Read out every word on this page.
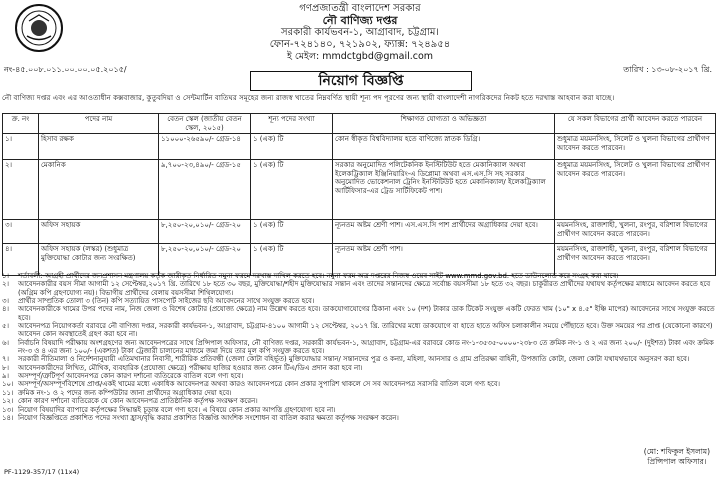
গণপ্রজাতন্ত্রী বাংলাদেশ সরকার
নৌ বাণিজ্য দপ্তর
সরকারী কার্যভবন-১, আগ্রাবাদ, চট্টগ্রাম।
ফোন-৭২৪১৪০, ৭২১৯০২, ফ্যাক্স: ৭২৪৯৫৪
ই মেইল: mmdctgbd@gmail.com
নং-৪৫.০০৮.০১১.০০.০০.০৫.২০১৫/	তারিখ : ১৩-০৮-২০১৭ খ্রি.
নিয়োগ বিজ্ঞপ্তি
নৌ বাণিজ্য দপ্তর এবং এর আওতাধীন কক্সবাজার, কুতুবদিয়া ও সেন্টমার্টিন বাতিঘর সমূহের জন্য রাজস্ব খাতের নিম্নবর্ণিত স্থায়ী শূন্য পদ পূরণের জন্য স্থায়ী বাংলাদেশী নাগরিকদের নিকট হতে দরখাস্ত আহবান করা যাচ্ছে।
ক্র. নং	পদের নাম	বেতন স্কেল (জাতীয় বেতন স্কেল, ২০১৫)	শূন্য পদের সংখ্যা	শিক্ষাগত যোগ্যতা ও অভিজ্ঞতা	যে সকল বিভাগের প্রার্থী আবেদন করতে পারবেন
১।	হিসাব রক্ষক	১১০০০-২৬৫৯০/- গ্রেড-১৪	১ (এক) টি	কোন স্বীকৃত বিশ্ববিদ্যালয় হতে বাণিজ্যে স্নাতক ডিগ্রি।	শুধুমাত্র ময়মনসিংহ, সিলেট ও খুলনা বিভাগের প্রার্থীগণ আবেদন করতে পারবেন।
২।	মেকানিক	৯,৭০০-২৩,৪৯০/- গ্রেড-১৫	১ (এক) টি	সরকার অনুমোদিত পলিটেকনিক ইনস্টিটিউট হতে মেকানিক্যাল অথবা ইলেকট্রিক্যাল ইঞ্জিনিয়ারিং-এ ডিপ্লোমা অথবা এস.এস.সি সহ সরকার অনুমোদিত ভোকেশনাল ট্রেনিং ইনস্টিটিউট হতে মেকানিক্যাল/ ইলেকট্রিক্যাল আর্টিফিসার-এর ট্রেড সার্টিফিকেট পাশ।	শুধুমাত্র ময়মনসিংহ, সিলেট ও খুলনা বিভাগের প্রার্থীগণ আবেদন করতে পারবেন।
৩।	অফিস সহায়ক	৮,২৫০-২০,০১০/- গ্রেড-২০	১ (এক) টি	ন্যূনতম অষ্টম শ্রেণী পাশ। এস.এস.সি পাশ প্রার্থীদের অগ্রাধিকার দেয়া হবে।	ময়মনসিংহ, রাজশাহী, খুলনা, রংপুর, বরিশাল বিভাগের প্রার্থীগণ আবেদন করতে পারবেন।
৪।	অফিস সহায়ক (লস্কর) (শুধুমাত্র মুক্তিযোদ্ধা কোটার জন্য সংরক্ষিত)	৮,২৫০-২০,০১০/- গ্রেড-২০	১ (এক) টি	ন্যূনতম অষ্টম শ্রেণী পাশ।	ময়মনসিংহ, রাজশাহী, খুলনা, রংপুর, বরিশাল বিভাগের প্রার্থীগণ আবেদন করতে পারবেন।
১।	শর্তাবলী:-আগ্রহী প্রার্থীদের জনপ্রশাসন মন্ত্রণালয় কর্তৃক জারীকৃত নির্ধারিত নমুনা ফরমে দরখাস্ত দাখিল করতে হবে। নমুনা ফরম অত্র দপ্তরের নিজস্ব ওয়েব সাইট www.mmd.gov.bd. হতে ডাউনলোড করে সংগ্রহ করা যাবে।
২।	আবেদনকারীর বয়স সীমা আগামী ১২ সেপ্টেম্বর,২০১৭ খ্রি. তারিখে ১৮ হতে ৩০ বছর, মুক্তিযোদ্ধা/শহীদ মুক্তিযোদ্ধার সন্তান এবং তাদের সন্তানদের ক্ষেত্রে সর্বোচ্চ বয়সসীমা ১৮ হতে ৩২ বছর। চাকুরীরত প্রার্থীদের যথাযথ কর্তৃপক্ষের মাধ্যমে আবেদন করতে হবে (অগ্রিম কপি গ্রহণযোগ্য নয়)। বিভাগীয় প্রার্থীদের বেলায় বয়সসীমা শিথিলযোগ্য।
৩।	প্রার্থীর সাম্প্রতিক তোলা ৩ (তিন) কপি সত্যায়িত পাসপোর্ট সাইজের ছবি আবেদনের সাথে সংযুক্ত করতে হবে।
৪।	আবেদনকারীকে খামের উপর পদের নাম, নিজ জেলা ও বিশেষ কোটার (প্রযোজ্য ক্ষেত্রে) নাম উল্লেখ করতে হবে। ডাকযোগাযোগের ঠিকানা এবং ১০ (দশ) টাকার ডাক টিকেট সংযুক্ত একটি ফেরত খাম (১০" x ৪.৫" ইঞ্চি মাপের) আবেদনের সাথে সংযুক্ত করতে হবে।
৫।	আবেদনপত্র নিয়োগকর্তা বরাবরে নৌ বাণিজ্য দপ্তর, সরকারী কার্যভবন-১, আগ্রাবাদ, চট্টগ্রাম-৪১০০ আগামী ১২ সেপ্টেম্বর, ২০১৭ খ্রি. তারিখের মধ্যে ডাকযোগে বা হাতে হাতে অফিস চলাকালীন সময়ে পৌঁছাতে হবে। উক্ত সময়ের পর প্রাপ্ত (যেকোনো কারণে) আবেদন কোন অবস্থাতেই গ্রহণ করা হবে না।
৬।	নির্বাচনি বিষয়াদি পরীক্ষায় অংশগ্রহণের জন্য আবেদনপত্রের সাথে প্রিন্সিপাল অফিসার, নৌ বাণিজ্য দপ্তর, সরকারী কার্যভবন-১, আগ্রাবাদ, চট্টগ্রাম-এর বরাবরে কোড নং-১-৩৫৩৫-০০০০-২৩৮৩ তে ক্রমিক নং-১ ও ২ এর জন্য ২০০/- (দুইশত) টাকা এবং ক্রমিক নং-৩ ও ৪ এর জন্য ১০০/- (একশত) টাকা ট্রেজারী চালানের মাধ্যমে জমা দিয়ে তার মূল কপি সংযুক্ত করতে হবে।
৭।	সরকারী নীতিমালা ও নির্দেশনানুযায়ী এতিমখানার নিবাসী, শারীরিক প্রতিবন্ধী (জেলা কোটা বহির্ভূত) মুক্তিযোদ্ধার সন্তান/ সন্তানদের পুত্র ও কন্যা, মহিলা, আনসার ও গ্রাম প্রতিরক্ষা বাহিনী, উপজাতি কোটা, জেলা কোটা যথাযথভাবে অনুসরণ করা হবে।
৮।	আবেদনকারীদের লিখিত, মৌখিক, ব্যবহারিক (প্রযোজ্য ক্ষেত্রে) পরীক্ষায় হাজির হওয়ার জন্য কোন টিএ/ডিএ প্রদান করা হবে না।
৯।	অসম্পূর্ণ/ত্রুটিপূর্ণ আবেদনপত্র কোন কারণ দর্শানো ব্যতিরেকে বাতিল বলে গণ্য হবে।
১০। অসম্পূর্ণ/অসম্পূর্ণবিশেষে প্রাপ্ত/একই খামের মধ্যে একাধিক আবেদনপত্র অথবা কারও আবেদনপত্রে কোন প্রকার সুপারিশ থাকলে সে সব আবেদনপত্র সরাসরি বাতিল বলে গণ্য হবে।
১১। ক্রমিক নং-১ ও ২ পদের জন্য কম্পিউটার জানা প্রার্থীদের অগ্রাধিকার দেয়া হবে।
১২। কোন কারণ দর্শানো ব্যতিরেকে যে কোন আবেদনপত্র প্রাতিষ্ঠানিক কর্তৃপক্ষ সংরক্ষণ করেন।
১৩। নিয়োগ বিষয়াদির ব্যাপারে কর্তৃপক্ষের সিদ্ধান্তই চূড়ান্ত বলে গণ্য হবে। এ বিষয়ে কোন প্রকার আপত্তি গ্রহণযোগ্য হবে না।
১৪। নিয়োগ বিজ্ঞপ্তিতে প্রকাশিত পদের সংখ্যা হ্রাস/বৃদ্ধি করার প্রকাশিত বিজ্ঞপ্তি আংশিক সংশোধন বা বাতিল করার ক্ষমতা কর্তৃপক্ষ সংরক্ষণ করেন।
(মো: শফিকুল ইসলাম)
প্রিন্সিপাল অফিসার।
PF-1129-357/17 (11x4)
